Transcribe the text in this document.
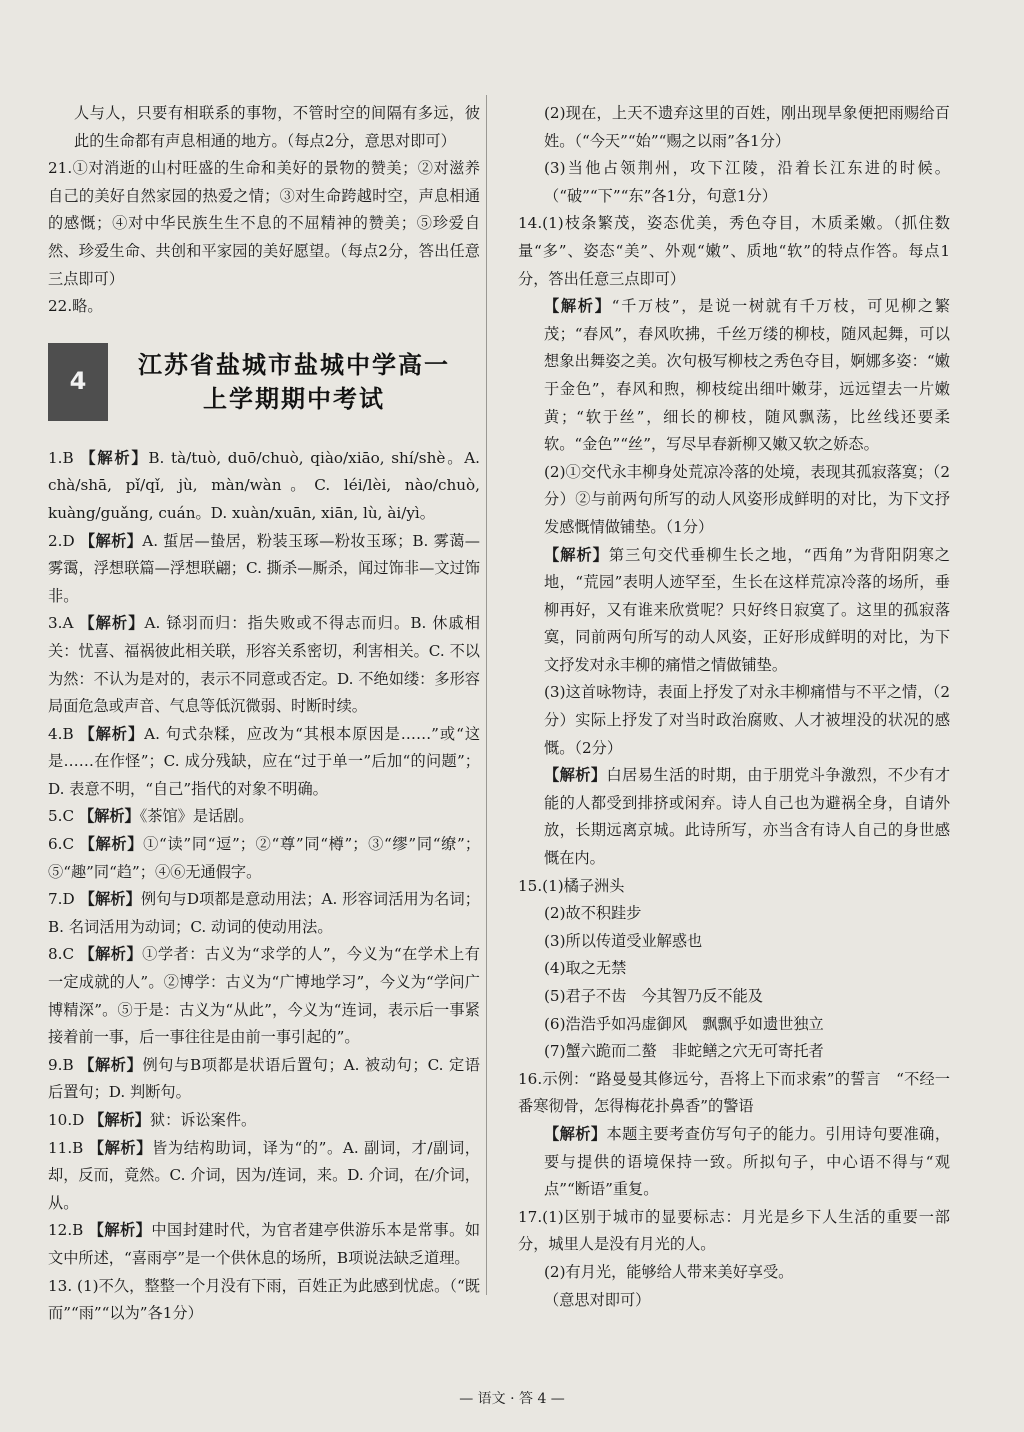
人与人，只要有相联系的事物，不管时空的间隔有多远，彼此的生命都有声息相通的地方。（每点2分，意思对即可）

21.①对消逝的山村旺盛的生命和美好的景物的赞美；②对滋养自己的美好自然家园的热爱之情；③对生命跨越时空，声息相通的感慨；④对中华民族生生不息的不屈精神的赞美；⑤珍爱自然、珍爱生命、共创和平家园的美好愿望。（每点2分，答出任意三点即可）

22.略。

4
江苏省盐城市盐城中学高一
上学期期中考试

1.B 【解析】B. tà/tuò, duō/chuò, qiào/xiāo, shí/shè。A. chà/shā, pǐ/qǐ, jù, màn/wàn。C. léi/lèi, nào/chuò, kuàng/guǎng, cuán。D. xuàn/xuān, xiān, lù, ài/yì。

2.D 【解析】A. 蜇居—蛰居，粉装玉琢—粉妆玉琢；B. 雾蔼—雾霭，浮想联篇—浮想联翩；C. 撕杀—厮杀，闻过饰非—文过饰非。

3.A 【解析】A. 铩羽而归：指失败或不得志而归。B. 休戚相关：忧喜、福祸彼此相关联，形容关系密切，利害相关。C. 不以为然：不认为是对的，表示不同意或否定。D. 不绝如缕：多形容局面危急或声音、气息等低沉微弱、时断时续。

4.B 【解析】A. 句式杂糅，应改为“其根本原因是……”或“这是……在作怪”；C. 成分残缺，应在“过于单一”后加“的问题”；D. 表意不明，“自己”指代的对象不明确。

5.C 【解析】《茶馆》是话剧。

6.C 【解析】①“读”同“逗”；②“尊”同“樽”；③“缪”同“缭”；⑤“趣”同“趋”；④⑥无通假字。

7.D 【解析】例句与D项都是意动用法；A. 形容词活用为名词；B. 名词活用为动词；C. 动词的使动用法。

8.C 【解析】①学者：古义为“求学的人”，今义为“在学术上有一定成就的人”。②博学：古义为“广博地学习”，今义为“学问广博精深”。⑤于是：古义为“从此”，今义为“连词，表示后一事紧接着前一事，后一事往往是由前一事引起的”。

9.B 【解析】例句与B项都是状语后置句；A. 被动句；C. 定语后置句；D. 判断句。

10.D 【解析】狱：诉讼案件。

11.B 【解析】皆为结构助词，译为“的”。A. 副词，才/副词，却，反而，竟然。C. 介词，因为/连词，来。D. 介词，在/介词，从。

12.B 【解析】中国封建时代，为官者建亭供游乐本是常事。如文中所述，“喜雨亭”是一个供休息的场所，B项说法缺乏道理。

13. (1)不久，整整一个月没有下雨，百姓正为此感到忧虑。（“既而”“雨”“以为”各1分）

(2)现在，上天不遗弃这里的百姓，刚出现旱象便把雨赐给百姓。（“今天”“始”“赐之以雨”各1分）

(3)当他占领荆州，攻下江陵，沿着长江东进的时候。（“破”“下”“东”各1分，句意1分）

14.(1)枝条繁茂，姿态优美，秀色夺目，木质柔嫩。（抓住数量“多”、姿态“美”、外观“嫩”、质地“软”的特点作答。每点1分，答出任意三点即可）

【解析】“千万枝”，是说一树就有千万枝，可见柳之繁茂；“春风”，春风吹拂，千丝万缕的柳枝，随风起舞，可以想象出舞姿之美。次句极写柳枝之秀色夺目，婀娜多姿：“嫩于金色”，春风和煦，柳枝绽出细叶嫩芽，远远望去一片嫩黄；“软于丝”，细长的柳枝，随风飘荡，比丝线还要柔软。“金色”“丝”，写尽早春新柳又嫩又软之娇态。

(2)①交代永丰柳身处荒凉冷落的处境，表现其孤寂落寞；（2分）②与前两句所写的动人风姿形成鲜明的对比，为下文抒发感慨情做铺垫。（1分）

【解析】第三句交代垂柳生长之地，“西角”为背阳阴寒之地，“荒园”表明人迹罕至，生长在这样荒凉冷落的场所，垂柳再好，又有谁来欣赏呢？只好终日寂寞了。这里的孤寂落寞，同前两句所写的动人风姿，正好形成鲜明的对比，为下文抒发对永丰柳的痛惜之情做铺垫。

(3)这首咏物诗，表面上抒发了对永丰柳痛惜与不平之情，（2分）实际上抒发了对当时政治腐败、人才被埋没的状况的感慨。（2分）

【解析】白居易生活的时期，由于朋党斗争激烈，不少有才能的人都受到排挤或闲弃。诗人自己也为避祸全身，自请外放，长期远离京城。此诗所写，亦当含有诗人自己的身世感慨在内。

15.(1)橘子洲头

(2)故不积跬步

(3)所以传道受业解惑也

(4)取之无禁

(5)君子不齿　今其智乃反不能及

(6)浩浩乎如冯虚御风　飘飘乎如遗世独立

(7)蟹六跪而二螯　非蛇鳝之穴无可寄托者

16.示例：“路曼曼其修远兮，吾将上下而求索”的誓言　“不经一番寒彻骨，怎得梅花扑鼻香”的警语

【解析】本题主要考查仿写句子的能力。引用诗句要准确，要与提供的语境保持一致。所拟句子，中心语不得与“观点”“断语”重复。

17.(1)区别于城市的显要标志：月光是乡下人生活的重要一部分，城里人是没有月光的人。

(2)有月光，能够给人带来美好享受。

（意思对即可）

— 语文 · 答 4 —
